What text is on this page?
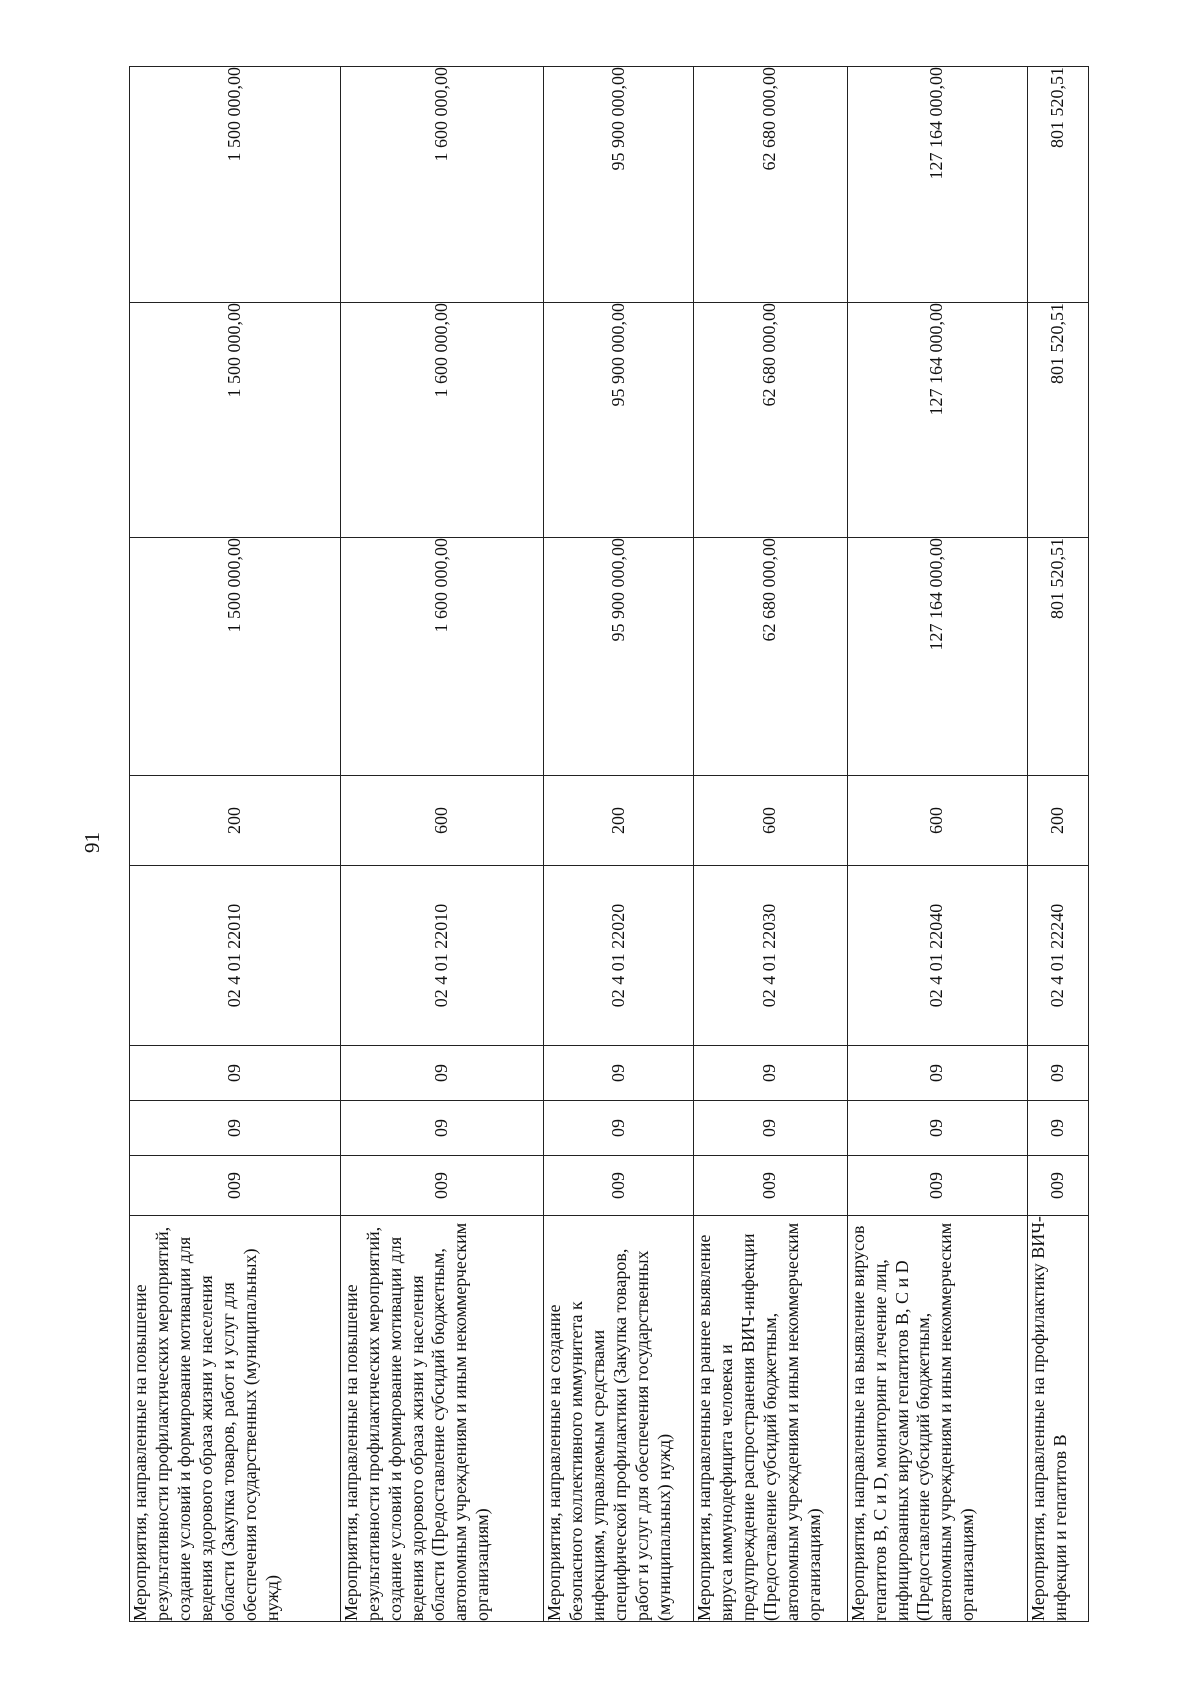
91
Мероприятия, направленные на повышение результативности профилактических мероприятий, создание условий и формирование мотивации для ведения здорового образа жизни у населения области (Закупка товаров, работ и услуг для обеспечения государственных (муниципальных) нужд)	009	09	09	02 4 01 22010	200	1 500 000,00	1 500 000,00	1 500 000,00
Мероприятия, направленные на повышение результативности профилактических мероприятий, создание условий и формирование мотивации для ведения здорового образа жизни у населения области (Предоставление субсидий бюджетным, автономным учреждениям и иным некоммерческим организациям)	009	09	09	02 4 01 22010	600	1 600 000,00	1 600 000,00	1 600 000,00
Мероприятия, направленные на создание безопасного коллективного иммунитета к инфекциям, управляемым средствами специфической профилактики (Закупка товаров, работ и услуг для обеспечения государственных (муниципальных) нужд)	009	09	09	02 4 01 22020	200	95 900 000,00	95 900 000,00	95 900 000,00
Мероприятия, направленные на раннее выявление вируса иммунодефицита человека и предупреждение распространения ВИЧ-инфекции (Предоставление субсидий бюджетным, автономным учреждениям и иным некоммерческим организациям)	009	09	09	02 4 01 22030	600	62 680 000,00	62 680 000,00	62 680 000,00
Мероприятия, направленные на выявление вирусов гепатитов B, C и D, мониторинг и лечение лиц, инфицированных вирусами гепатитов B, C и D (Предоставление субсидий бюджетным, автономным учреждениям и иным некоммерческим организациям)	009	09	09	02 4 01 22040	600	127 164 000,00	127 164 000,00	127 164 000,00
Мероприятия, направленные на профилактику ВИЧ-инфекции и гепатитов B	009	09	09	02 4 01 22240	200	801 520,51	801 520,51	801 520,51
